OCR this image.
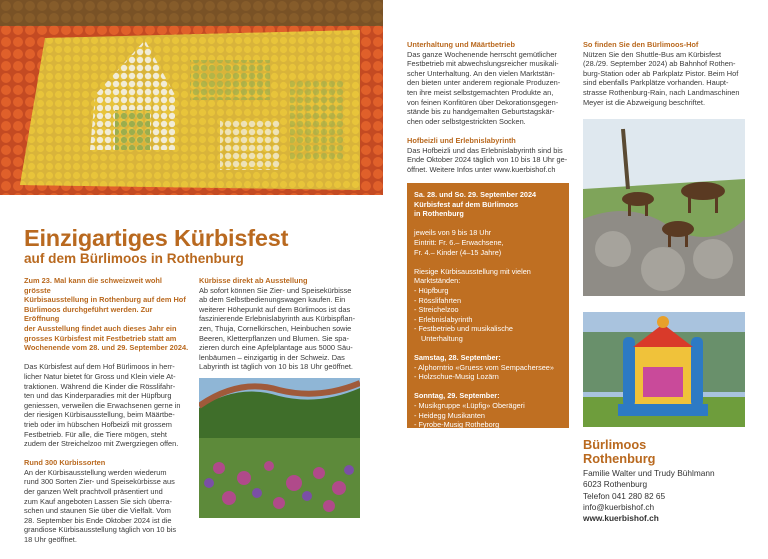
Einzigartiges Kürbisfest
auf dem Bürlimoos in Rothenburg
Zum 23. Mal kann die schweizweit wohl grösste
Kürbisausstellung in Rothenburg auf dem Hof
Bürlimoos durchgeführt werden. Zur Eröffnung
der Ausstellung findet auch dieses Jahr ein
grosses Kürbisfest mit Festbetrieb statt am
Wochenende vom 28. und 29. September 2024.
Das Kürbisfest auf dem Hof Bürlimoos in herr-
licher Natur bietet für Gross und Klein viele At-
traktionen. Während die Kinder die Rösslifahr-
ten und das Kinderparadies mit der Hüpfburg
geniessen, verweilen die Erwachsenen gerne in
der riesigen Kürbisausstellung, beim Määrtbe-
trieb oder im hübschen Hofbeizli mit grossem
Festbetrieb. Für alle, die Tiere mögen, steht
zudem der Streichelzoo mit Zwergziegen offen.
Rund 300 Kürbissorten
An der Kürbisausstellung werden wiederum
rund 300 Sorten Zier- und Speisekürbisse aus
der ganzen Welt prachtvoll präsentiert und
zum Kauf angeboten Lassen Sie sich überra-
schen und staunen Sie über die Vielfalt. Vom
28. September bis Ende Oktober 2024 ist die
grandiose Kürbisausstellung täglich von 10 bis
18 Uhr geöffnet.
Kürbisse direkt ab Ausstellung
Ab sofort können Sie Zier- und Speisekürbisse
ab dem Selbstbedienungswagen kaufen. Ein
weiterer Höhepunkt auf dem Bürlimoos ist das
faszinierende Erlebnislabyrinth aus Kürbispflan-
zen, Thuja, Cornelkirschen, Heinbuchen sowie
Beeren, Kletterpflanzen und Blumen. Sie spa-
zieren durch eine Apfelplantage aus 5000 Säu-
lenbäumen – einzigartig in der Schweiz. Das
Labyrinth ist täglich von 10 bis 18 Uhr geöffnet.
Unterhaltung und Määrtbetrieb
Das ganze Wochenende herrscht gemütlicher
Festbetrieb mit abwechslungsreicher musikali-
scher Unterhaltung. An den vielen Marktstän-
den bieten unter anderem regionale Produzen-
ten ihre meist selbstgemachten Produkte an,
von feinen Konfitüren über Dekorationsgegen-
stände bis zu handgemalten Geburtstagskär-
chen oder selbstgestrickten Socken.
Hofbeizli und Erlebnislabyrinth
Das Hofbeizli und das Erlebnislabyrinth sind bis
Ende Oktober 2024 täglich von 10 bis 18 Uhr ge-
öffnet. Weitere Infos unter www.kuerbishof.ch
Sa. 28. und So. 29. September 2024
Kürbisfest auf dem Bürlimoos
in Rothenburg
jeweils von 9 bis 18 Uhr
Eintritt: Fr. 6.– Erwachsene,
Fr. 4.– Kinder (4–15 Jahre)
Riesige Kürbisausstellung mit vielen
Marktständen:
- Hüpfburg
- Rösslifahrten
- Streichelzoo
- Erlebnislabyrinth
- Festbetrieb und musikalische
Unterhaltung
Samstag, 28. September:
- Alphorntrio «Gruess vom Sempachersee»
- Holzschue-Musig Lozärn
Sonntag, 29. September:
- Musikgruppe «Lüpfig» Oberägeri
- Heidegg Musikanten
- Fyrobe-Musig Rotheborg
So finden Sie den Bürlimoos-Hof
Nützen Sie den Shuttle-Bus am Kürbisfest
(28./29. September 2024) ab Bahnhof Rothen-
burg-Station oder ab Parkplatz Pistor. Beim Hof
sind ebenfalls Parkplätze vorhanden. Haupt-
strasse Rothenburg-Rain, nach Landmaschinen
Meyer ist die Abzweigung beschriftet.
Bürlimoos
Rothenburg
Familie Walter und Trudy Bühlmann
6023 Rothenburg
Telefon 041 280 82 65
info@kuerbishof.ch
www.kuerbishof.ch
